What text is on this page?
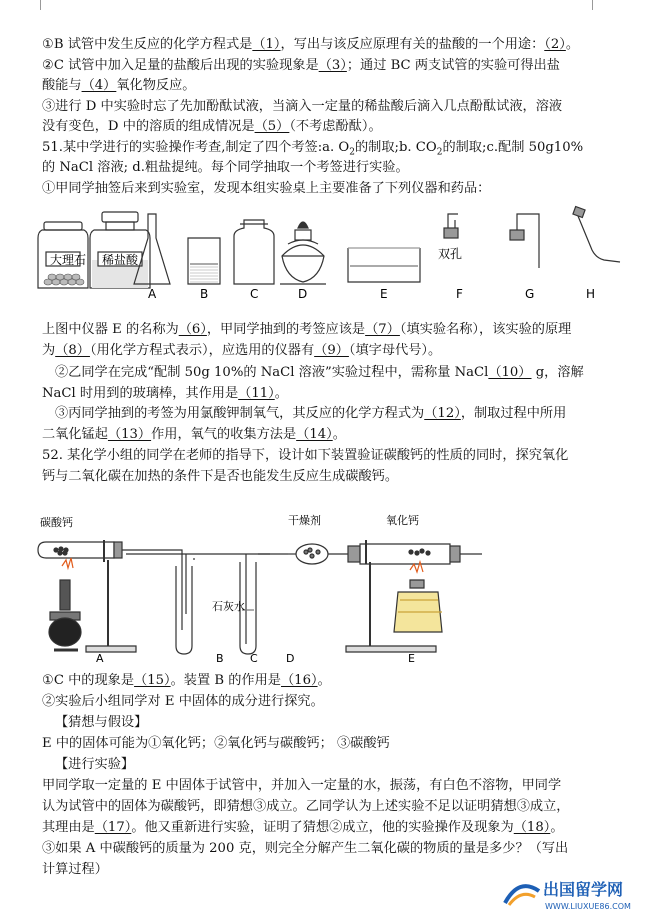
①B 试管中发生反应的化学方程式是（1），写出与该反应原理有关的盐酸的一个用途：（2）。
②C 试管中加入足量的盐酸后出现的实验现象是（3）；通过 BC 两支试管的实验可得出盐
酸能与（4）氧化物反应。
③进行 D 中实验时忘了先加酚酞试液，当滴入一定量的稀盐酸后滴入几点酚酞试液，溶液
没有变色，D 中的溶质的组成情况是（5）（不考虑酚酞）。
51.某中学进行的实验操作考查,制定了四个考签:a. $O_2$的制取;b. $CO_2$的制取;c.配制 50g10%
的 NaCl 溶液; d.粗盐提纯。每个同学抽取一个考签进行实验。
①甲同学抽签后来到实验室，发现本组实验桌上主要准备了下列仪器和药品：
大理石 稀盐酸	双孔
A	B	C	D	E	F	G	H
上图中仪器 E 的名称为（6），甲同学抽到的考签应该是（7）（填实验名称），该实验的原理
为（8）（用化学方程式表示），应选用的仪器有（9）（填字母代号）。
②乙同学在完成“配制 50g 10%的 NaCl 溶液”实验过程中，需称量 NaCl（10） g，溶解
NaCl 时用到的玻璃棒，其作用是（11）。
③丙同学抽到的考签为用氯酸钾制氧气，其反应的化学方程式为（12），制取过程中所用
二氧化锰起（13）作用，氧气的收集方法是（14）。
52. 某化学小组的同学在老师的指导下，设计如下装置验证碳酸钙的性质的同时，探究氧化
钙与二氧化碳在加热的条件下是否也能发生反应生成碳酸钙。
碳酸钙	干燥剂	氧化钙
石灰水
A	B C	D	E
①C 中的现象是（15）。装置 B 的作用是（16）。
②实验后小组同学对 E 中固体的成分进行探究。
【猜想与假设】
E 中的固体可能为①氧化钙；②氧化钙与碳酸钙； ③碳酸钙
【进行实验】
甲同学取一定量的 E 中固体于试管中，并加入一定量的水，振荡，有白色不溶物，甲同学
认为试管中的固体为碳酸钙，即猜想③成立。乙同学认为上述实验不足以证明猜想③成立，
其理由是（17）。他又重新进行实验，证明了猜想②成立，他的实验操作及现象为（18）。
③如果 A 中碳酸钙的质量为 200 克，则完全分解产生二氧化碳的物质的量是多少？（写出
计算过程）
出国留学网
WWW.LIUXUE86.COM
